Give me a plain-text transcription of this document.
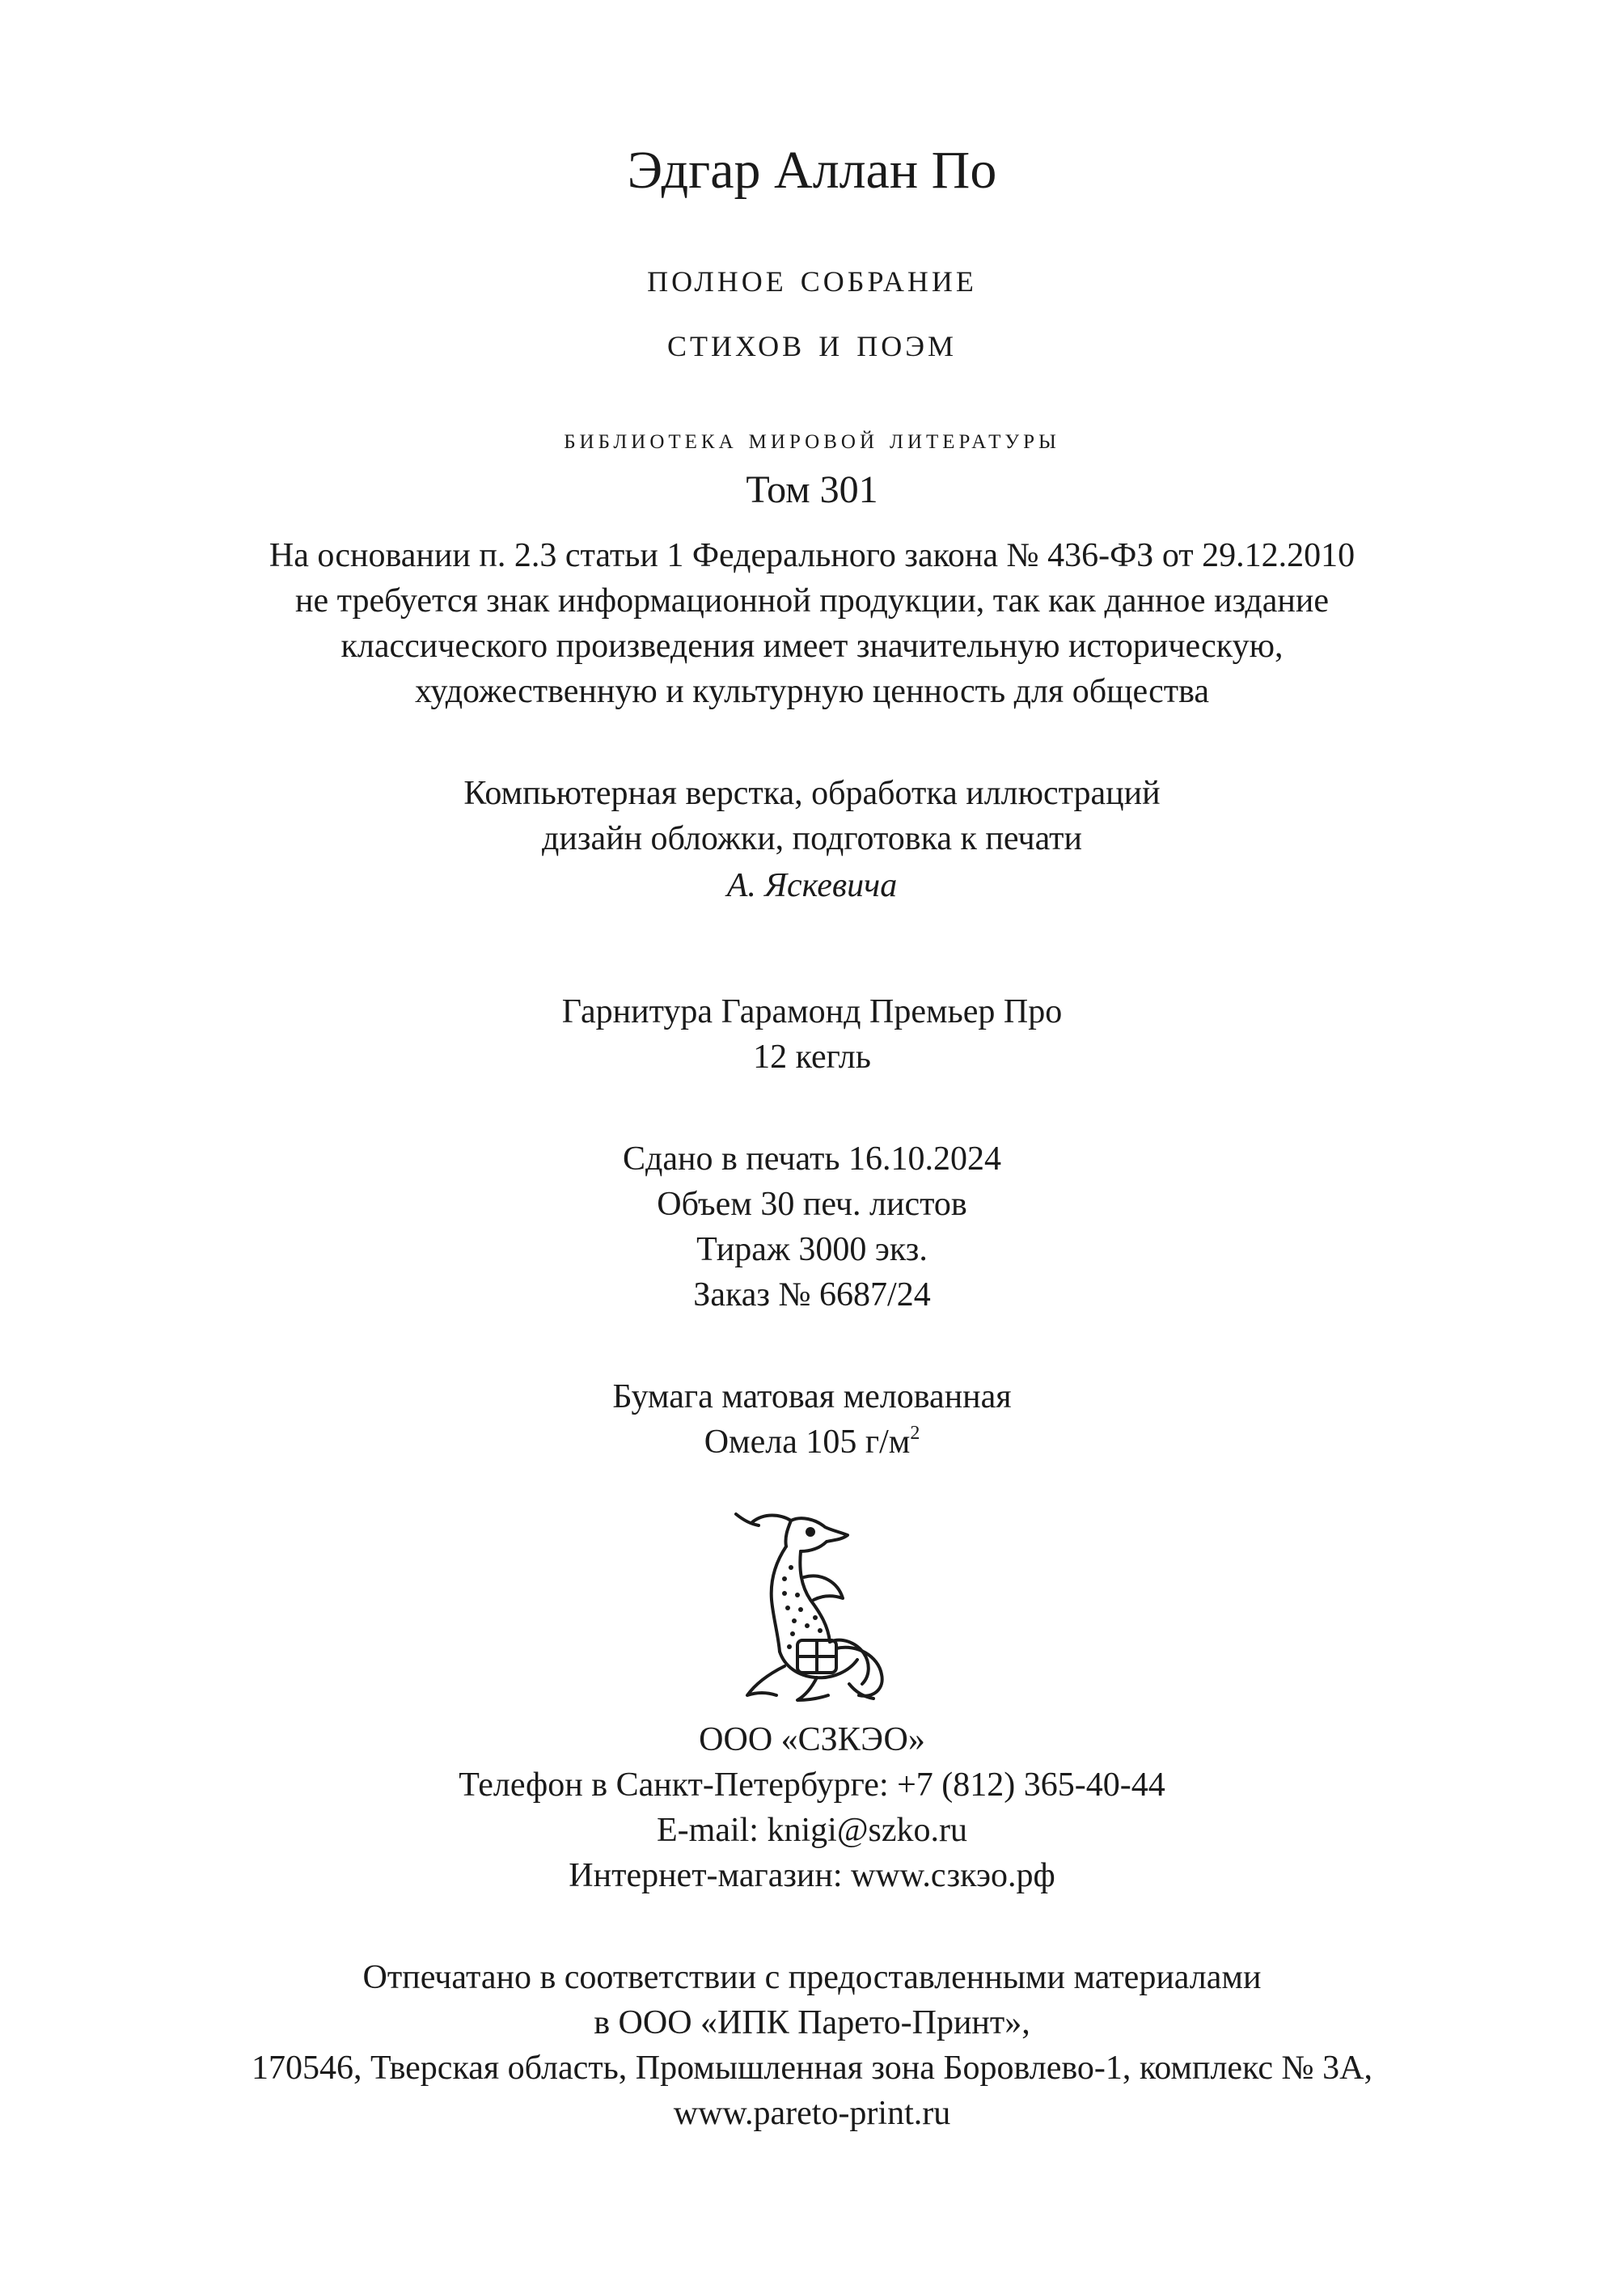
Эдгар Аллан По
полное собрание
стихов и поэм
библиотека мировой литературы
Том 301
На основании п. 2.3 статьи 1 Федерального закона № 436-ФЗ от 29.12.2010
не требуется знак информационной продукции, так как данное издание
классического произведения имеет значительную историческую,
художественную и культурную ценность для общества
Компьютерная верстка, обработка иллюстраций
дизайн обложки, подготовка к печати
А. Яскевича
Гарнитура Гарамонд Премьер Про
12 кегль
Сдано в печать 16.10.2024
Объем 30 печ. листов
Тираж 3000 экз.
Заказ № 6687/24
Бумага матовая мелованная
Омела 105 $г/м^2$
ООО «СЗКЭО»
Телефон в Санкт-Петербурге: +7 (812) 365-40-44
E-mail: knigi@szko.ru
Интернет-магазин: www.сзкэо.рф
Отпечатано в соответствии с предоставленными материалами
в ООО «ИПК Парето-Принт»,
170546, Тверская область, Промышленная зона Боровлево-1, комплекс № 3А,
www.pareto-print.ru
